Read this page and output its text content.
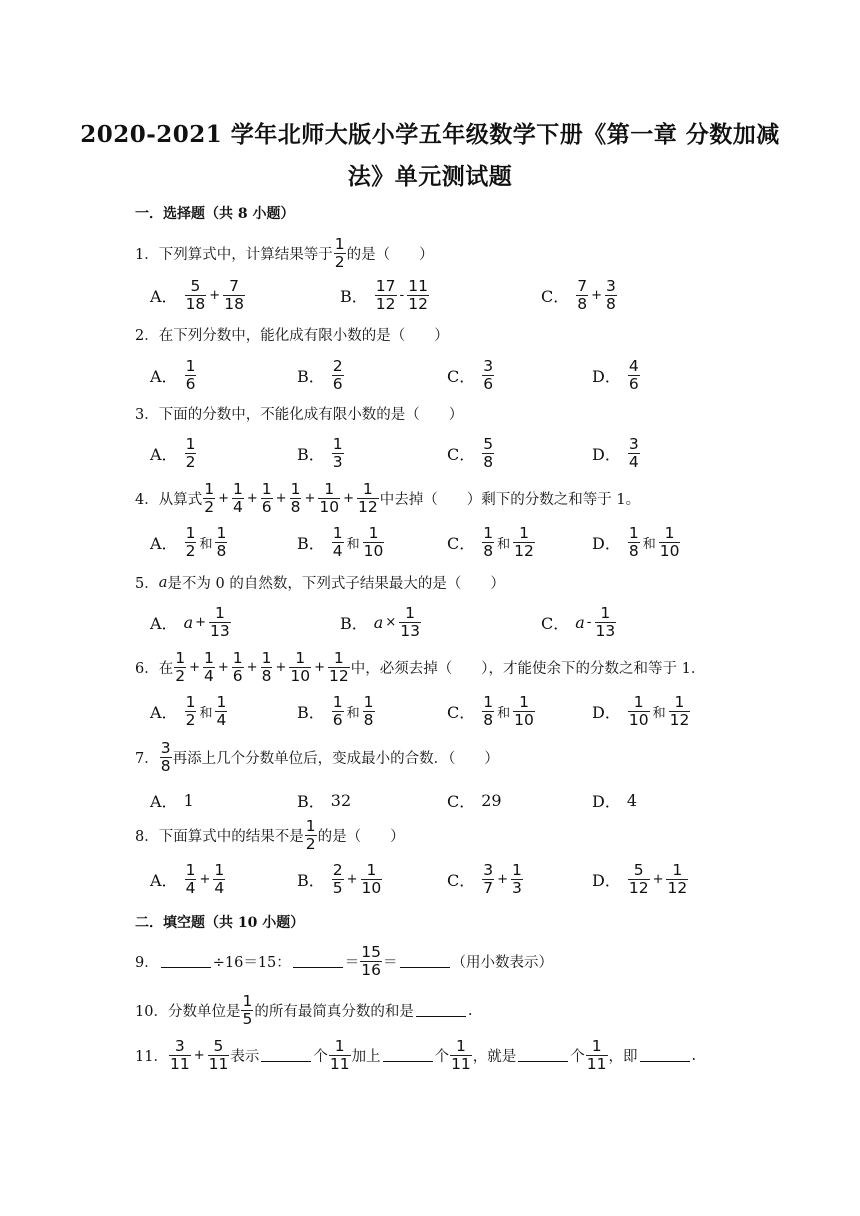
2020-2021 学年北师大版小学五年级数学下册《第一章 分数加减
法》单元测试题
一．选择题（共 8 小题）
1． 下列算式中，计算结果等于 $\frac{1}{2}$ 的是（　　）
A． $\frac{5}{18} + \frac{7}{18}$	B． $\frac{17}{12} - \frac{11}{12}$	C． $\frac{7}{8} + \frac{3}{8}$
2． 在下列分数中，能化成有限小数的是（　　）
A． $\frac{1}{6}$	B． $\frac{2}{6}$	C． $\frac{3}{6}$	D． $\frac{4}{6}$
3． 下面的分数中，不能化成有限小数的是（　　）
A． $\frac{1}{2}$	B． $\frac{1}{3}$	C． $\frac{5}{8}$	D． $\frac{3}{4}$
4． 从算式 $\frac{1}{2} + \frac{1}{4} + \frac{1}{6} + \frac{1}{8} + \frac{1}{10} + \frac{1}{12}$ 中去掉（　　）剩下的分数之和等于 1。
A． $\frac{1}{2}$ 和 $\frac{1}{8}$	B． $\frac{1}{4}$ 和 $\frac{1}{10}$	C． $\frac{1}{8}$ 和 $\frac{1}{12}$	D． $\frac{1}{8}$ 和 $\frac{1}{10}$
5． a 是不为 0 的自然数，下列式子结果最大的是（　　）
A． $a + \frac{1}{13}$	B． $a \times \frac{1}{13}$	C． a - $\frac{1}{13}$
6． 在 $\frac{1}{2} + \frac{1}{4} + \frac{1}{6} + \frac{1}{8} + \frac{1}{10} + \frac{1}{12}$ 中，必须去掉（　　），才能使余下的分数之和等于 1．
A． $\frac{1}{2}$ 和 $\frac{1}{4}$	B． $\frac{1}{6}$ 和 $\frac{1}{8}$	C． $\frac{1}{8}$ 和 $\frac{1}{10}$	D． $\frac{1}{10}$ 和 $\frac{1}{12}$
7． $\frac{3}{8}$ 再添上几个分数单位后，变成最小的合数．（　　）
A． 1	B． 32	C． 29	D． 4
8． 下面算式中的结果不是 $\frac{1}{2}$ 的是（　　）
A． $\frac{1}{4} + \frac{1}{4}$	B． $\frac{2}{5} + \frac{1}{10}$	C． $\frac{3}{7} + \frac{1}{3}$	D． $\frac{5}{12} + \frac{1}{12}$
9．	÷16＝15：	＝ $\frac{15}{16}$ ＝	（用小数表示）
10． 分数单位是 $\frac{1}{5}$ 的所有最简真分数的和是	.
11． $\frac{3}{11} + \frac{5}{11}$ 表示	个 $\frac{1}{11}$ 加上	个 $\frac{1}{11}$ ，就是	个 $\frac{1}{11}$ ，即	.
二．填空题（共 10 小题）
